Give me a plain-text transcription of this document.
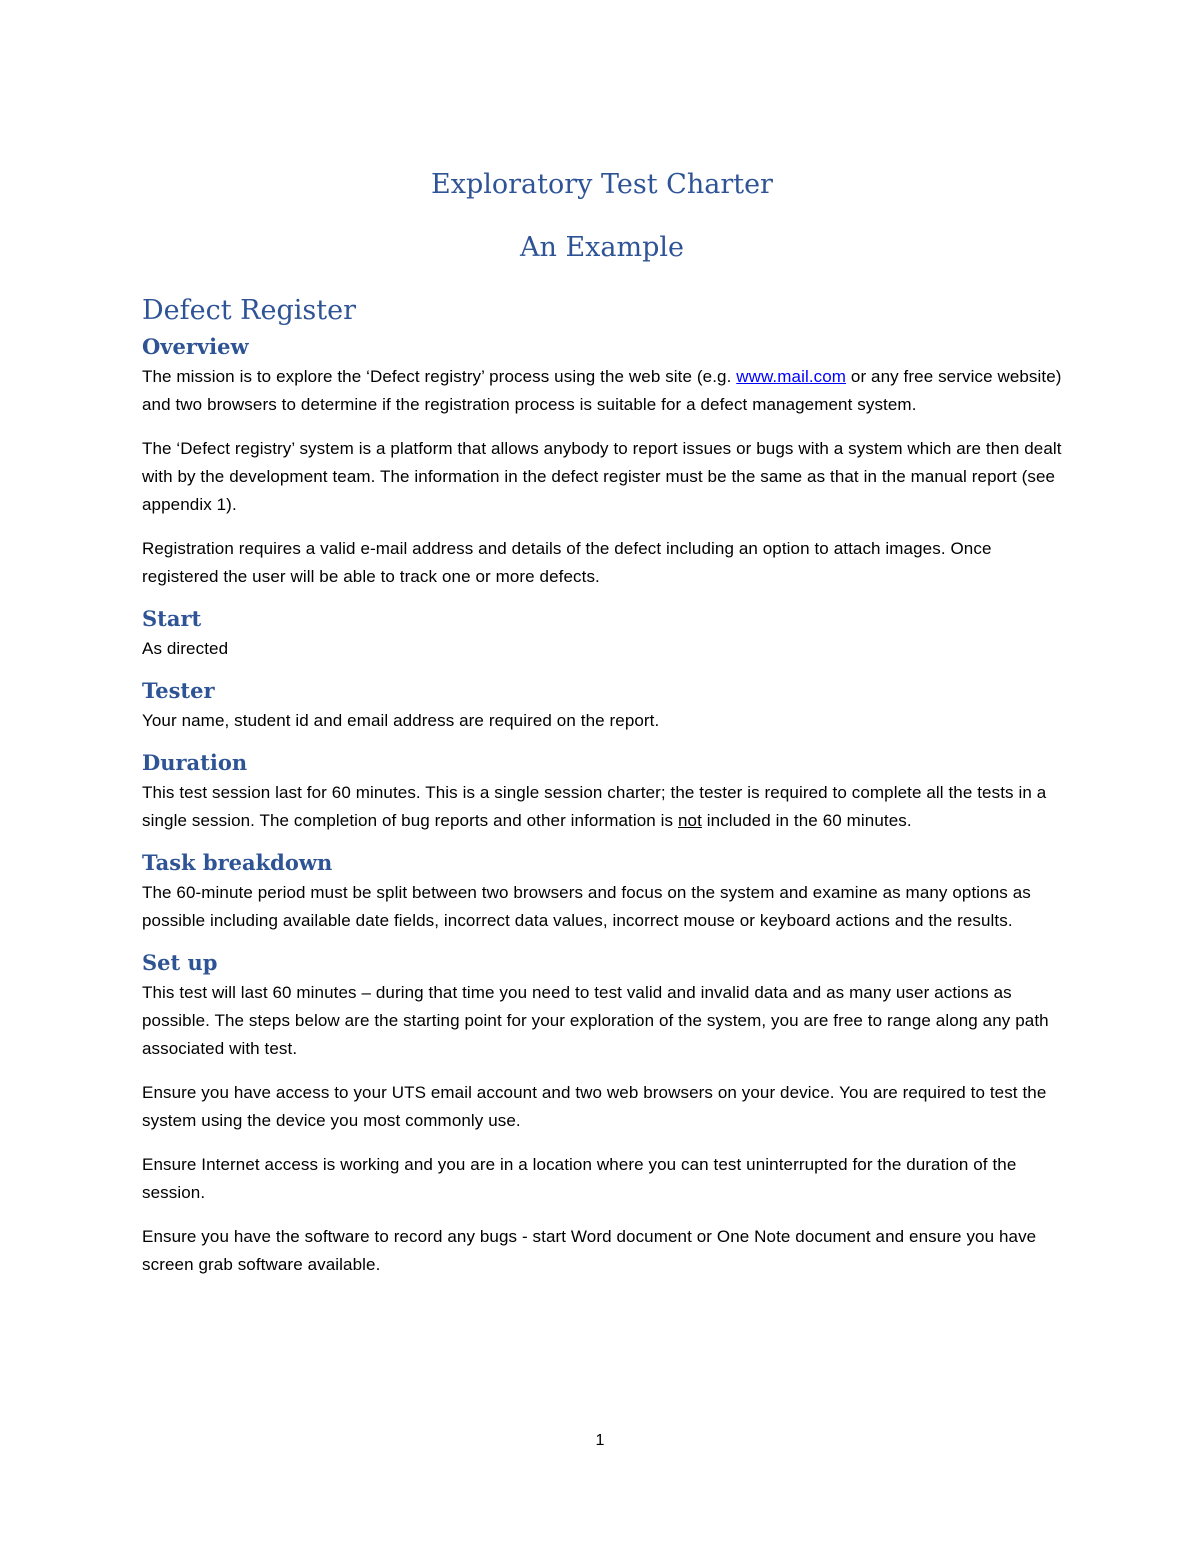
Exploratory Test Charter
An Example
Defect Register
Overview

The mission is to explore the ‘Defect registry’ process using the web site (e.g. www.mail.com or any free service website) and two browsers to determine if the registration process is suitable for a defect management system.

The ‘Defect registry’ system is a platform that allows anybody to report issues or bugs with a system which are then dealt with by the development team. The information in the defect register must be the same as that in the manual report (see appendix 1).

Registration requires a valid e-mail address and details of the defect including an option to attach images. Once registered the user will be able to track one or more defects.

Start

As directed

Tester

Your name, student id and email address are required on the report.

Duration

This test session last for 60 minutes. This is a single session charter; the tester is required to complete all the tests in a single session. The completion of bug reports and other information is not included in the 60 minutes.

Task breakdown

The 60-minute period must be split between two browsers and focus on the system and examine as many options as possible including available date fields, incorrect data values, incorrect mouse or keyboard actions and the results.

Set up

This test will last 60 minutes – during that time you need to test valid and invalid data and as many user actions as possible. The steps below are the starting point for your exploration of the system, you are free to range along any path associated with test.

Ensure you have access to your UTS email account and two web browsers on your device. You are required to test the system using the device you most commonly use.

Ensure Internet access is working and you are in a location where you can test uninterrupted for the duration of the session.

Ensure you have the software to record any bugs - start Word document or One Note document and ensure you have screen grab software available.

1
